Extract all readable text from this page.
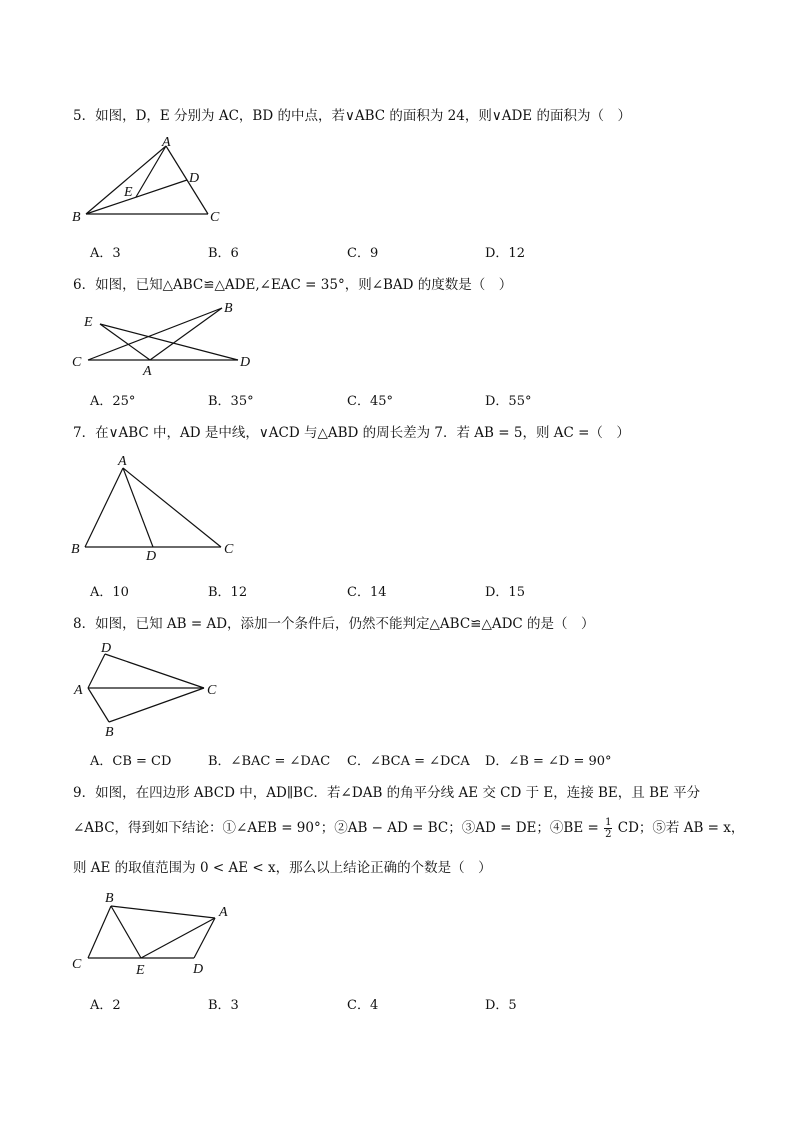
5．如图，D，E 分别为 AC，BD 的中点，若∨ABC 的面积为 24，则∨ADE 的面积为（　）
A
B	C
D
E
A．3	B．6	C．9	D．12
6．如图，已知△ABC≌△ADE,∠EAC = 35°，则∠BAD 的度数是（　）
A
B
C	D
E
A．25°	B．35°	C．45°	D．55°
7．在∨ABC 中，AD 是中线，∨ACD 与△ABD 的周长差为 7．若 AB = 5，则 AC =（　）
A
B	C
D
A．10	B．12	C．14	D．15
8．如图，已知 AB = AD，添加一个条件后，仍然不能判定△ABC≌△ADC 的是（　）
A
B
C
D
A．CB = CD	B．∠BAC = ∠DAC C．∠BCA = ∠DCA D．∠B = ∠D = 90°
9．如图，在四边形 ABCD 中，AD∥BC．若∠DAB 的角平分线 AE 交 CD 于 E，连接 BE，且 BE 平分
∠ABC，得到如下结论：①∠AEB = 90°；②AB − AD = BC；③AD = DE；④BE = $\frac{1}{2}$ CD；⑤若 AB = x，
则 AE 的取值范围为 0 < AE < x，那么以上结论正确的个数是（　）
A
B
C	D
E
A．2	B．3	C．4	D．5
